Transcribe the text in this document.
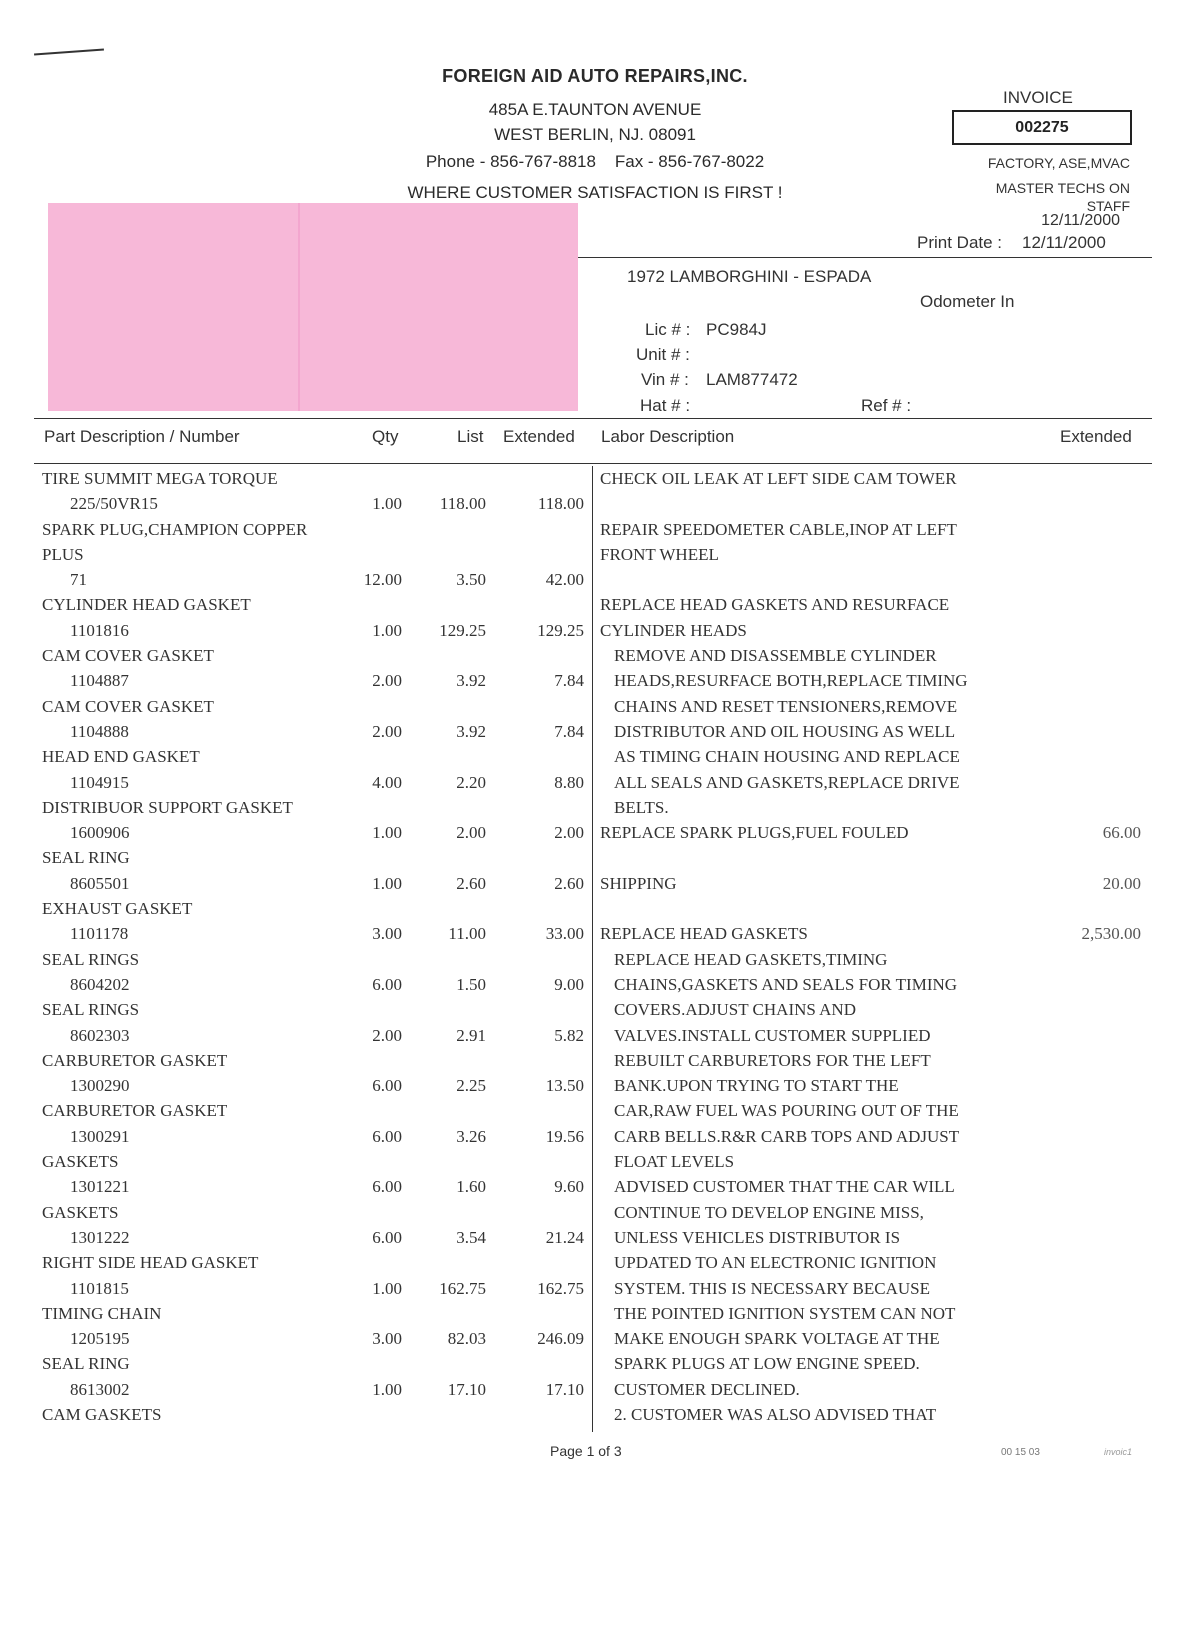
FOREIGN AID AUTO REPAIRS,INC.
485A E.TAUNTON AVENUE
WEST BERLIN, NJ. 08091
Phone - 856-767-8818    Fax - 856-767-8022
WHERE CUSTOMER SATISFACTION IS FIRST !
INVOICE
002275
FACTORY, ASE,MVAC
MASTER TECHS ON
STAFF
12/11/2000
Print Date : 12/11/2000
1972 LAMBORGHINI - ESPADA
Odometer In
Lic # : PC984J
Unit # :
Vin # : LAM877472
Hat # :	Ref # :
Part Description / Number	Qty	List Extended Labor Description	Extended
TIRE SUMMIT MEGA TORQUE
225/50VR15	1.00 118.00	118.00
SPARK PLUG,CHAMPION COPPER
PLUS
71	12.00	3.50	42.00
CYLINDER HEAD GASKET
1101816	1.00 129.25	129.25
CAM COVER GASKET
1104887	2.00	3.92	7.84
CAM COVER GASKET
1104888	2.00	3.92	7.84
HEAD END GASKET
1104915	4.00	2.20	8.80
DISTRIBUOR SUPPORT GASKET
1600906	1.00	2.00	2.00
SEAL RING
8605501	1.00	2.60	2.60
EXHAUST GASKET
1101178	3.00	11.00	33.00
SEAL RINGS
8604202	6.00	1.50	9.00
SEAL RINGS
8602303	2.00	2.91	5.82
CARBURETOR GASKET
1300290	6.00	2.25	13.50
CARBURETOR GASKET
1300291	6.00	3.26	19.56
GASKETS
1301221	6.00	1.60	9.60
GASKETS
1301222	6.00	3.54	21.24
RIGHT SIDE HEAD GASKET
1101815	1.00 162.75	162.75
TIMING CHAIN
1205195	3.00	82.03	246.09
SEAL RING
8613002	1.00	17.10	17.10
CAM GASKETS
CHECK OIL LEAK AT LEFT SIDE CAM TOWER
REPAIR SPEEDOMETER CABLE,INOP AT LEFT
FRONT WHEEL
REPLACE HEAD GASKETS AND RESURFACE
CYLINDER HEADS
REMOVE AND DISASSEMBLE CYLINDER
HEADS,RESURFACE BOTH,REPLACE TIMING
CHAINS AND RESET TENSIONERS,REMOVE
DISTRIBUTOR AND OIL HOUSING AS WELL
AS TIMING CHAIN HOUSING AND REPLACE
ALL SEALS AND GASKETS,REPLACE DRIVE
BELTS.
REPLACE SPARK PLUGS,FUEL FOULED	66.00
SHIPPING	20.00
REPLACE HEAD GASKETS	2,530.00
REPLACE HEAD GASKETS,TIMING
CHAINS,GASKETS AND SEALS FOR TIMING
COVERS.ADJUST CHAINS AND
VALVES.INSTALL CUSTOMER SUPPLIED
REBUILT CARBURETORS FOR THE LEFT
BANK.UPON TRYING TO START THE
CAR,RAW FUEL WAS POURING OUT OF THE
CARB BELLS.R&R CARB TOPS AND ADJUST
FLOAT LEVELS
ADVISED CUSTOMER THAT THE CAR WILL
CONTINUE TO DEVELOP ENGINE MISS,
UNLESS VEHICLES DISTRIBUTOR IS
UPDATED TO AN ELECTRONIC IGNITION
SYSTEM. THIS IS NECESSARY BECAUSE
THE POINTED IGNITION SYSTEM CAN NOT
MAKE ENOUGH SPARK VOLTAGE AT THE
SPARK PLUGS AT LOW ENGINE SPEED.
CUSTOMER DECLINED.
2. CUSTOMER WAS ALSO ADVISED THAT
Page 1 of 3	00 15 03	invoic1
